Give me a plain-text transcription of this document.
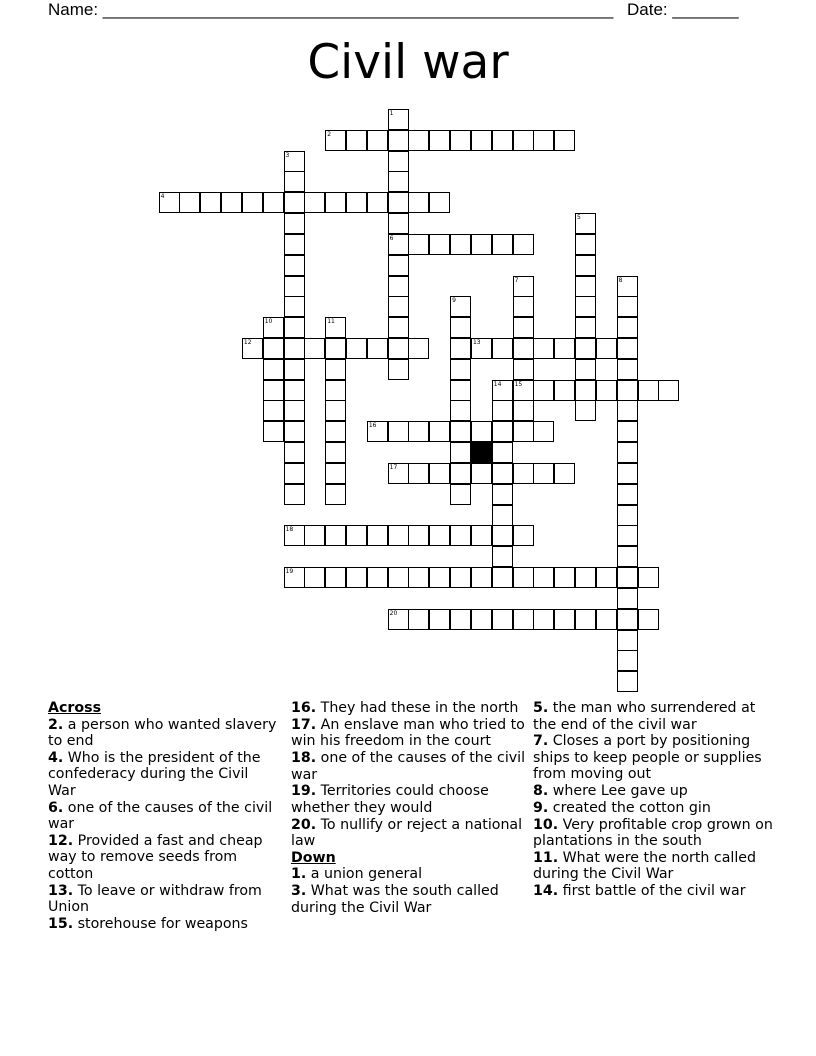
Name: ______________________________________________________ Date: _______
Civil war
1
6
2
3
4
5
7
15
8
9
10	11
12	13
14
16
17
18
19
20
Across
2. a person who wanted slavery to end
4. Who is the president of the confederacy during the Civil War
6. one of the causes of the civil war
12. Provided a fast and cheap way to remove seeds from cotton
13. To leave or withdraw from Union
15. storehouse for weapons
16. They had these in the north
17. An enslave man who tried to win his freedom in the court
18. one of the causes of the civil war
19. Territories could choose whether they would
20. To nullify or reject a national law
Down
1. a union general
3. What was the south called during the Civil War
5. the man who surrendered at the end of the civil war
7. Closes a port by positioning ships to keep people or supplies from moving out
8. where Lee gave up
9. created the cotton gin
10. Very profitable crop grown on plantations in the south
11. What were the north called during the Civil War
14. first battle of the civil war
